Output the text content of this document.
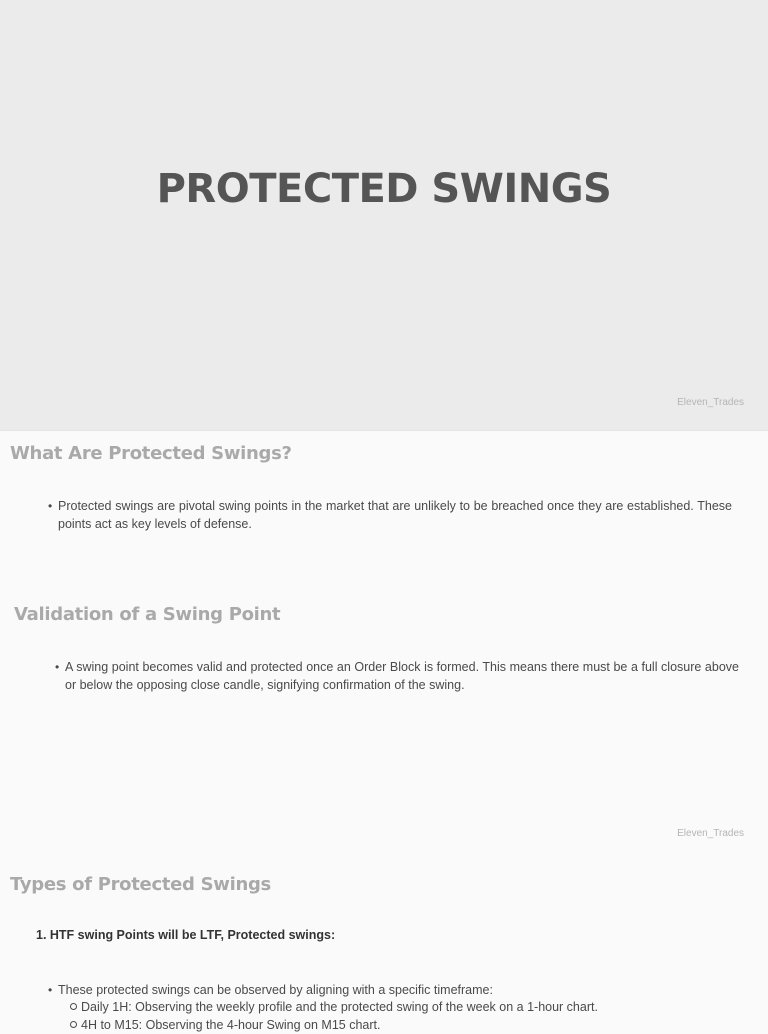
PROTECTED SWINGS
Eleven_Trades
What Are Protected Swings?
• Protected swings are pivotal swing points in the market that are unlikely to be breached once they are established. These points act as key levels of defense.
Validation of a Swing Point
• A swing point becomes valid and protected once an Order Block is formed. This means there must be a full closure above or below the opposing close candle, signifying confirmation of the swing.
Eleven_Trades
Types of Protected Swings
1. HTF swing Points will be LTF, Protected swings:
• These protected swings can be observed by aligning with a specific timeframe:
Daily 1H: Observing the weekly profile and the protected swing of the week on a 1-hour chart.
4H to M15: Observing the 4-hour Swing on M15 chart.
